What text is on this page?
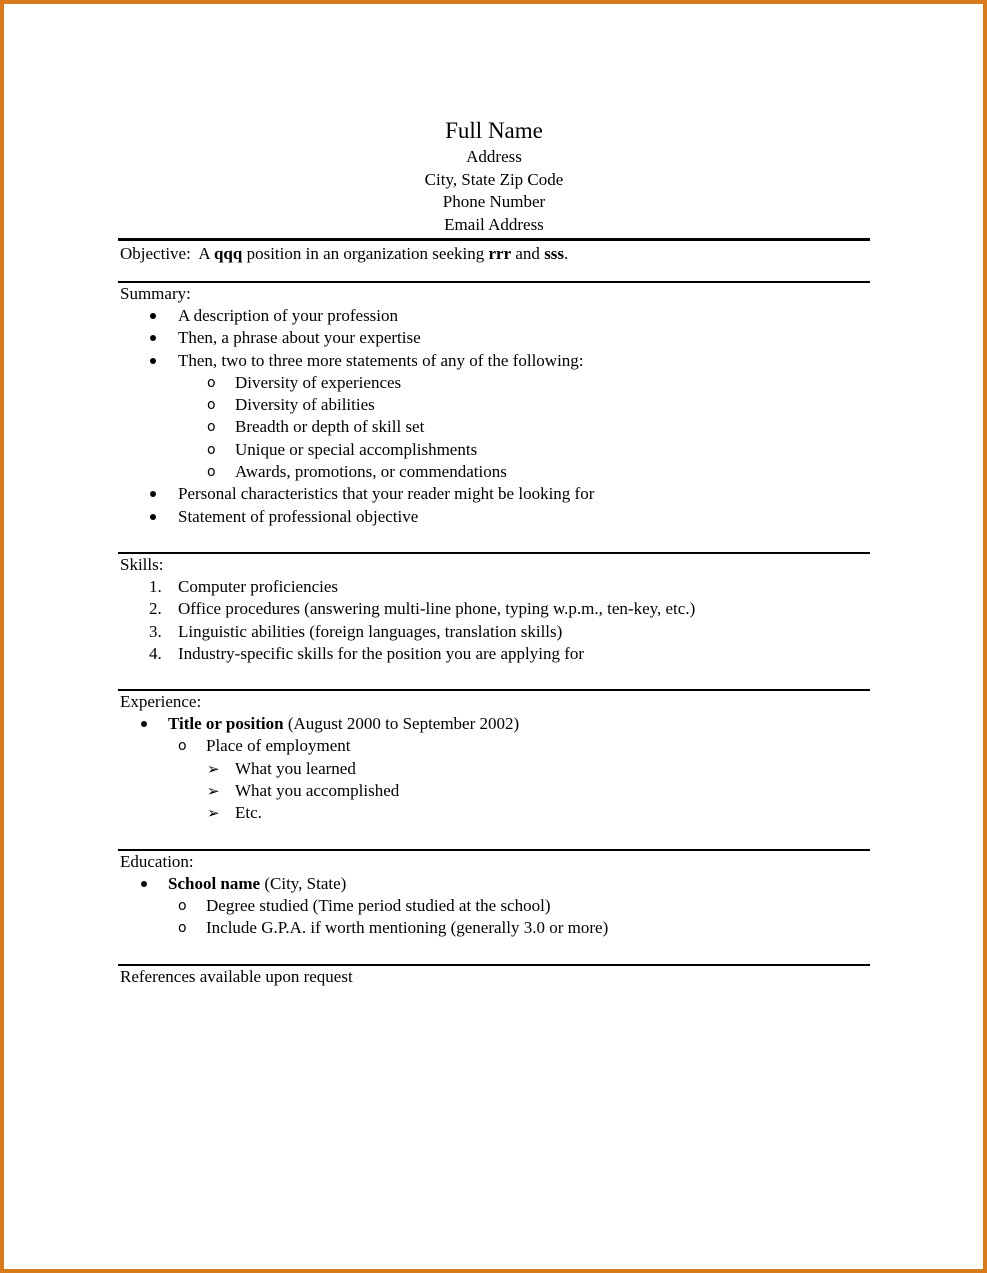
Full Name
Address
City, State Zip Code
Phone Number
Email Address
Objective: A qqq position in an organization seeking rrr and sss.
Summary:
A description of your profession
Then, a phrase about your expertise
Then, two to three more statements of any of the following:
o Diversity of experiences
o Diversity of abilities
o Breadth or depth of skill set
o Unique or special accomplishments
o Awards, promotions, or commendations
Personal characteristics that your reader might be looking for
Statement of professional objective
Skills:
1. Computer proficiencies
2. Office procedures (answering multi-line phone, typing w.p.m., ten-key, etc.)
3. Linguistic abilities (foreign languages, translation skills)
4. Industry-specific skills for the position you are applying for
Experience:
Title or position (August 2000 to September 2002)
o Place of employment
➢ What you learned
➢ What you accomplished
➢ Etc.
Education:
School name (City, State)
o Degree studied (Time period studied at the school)
o Include G.P.A. if worth mentioning (generally 3.0 or more)
References available upon request
